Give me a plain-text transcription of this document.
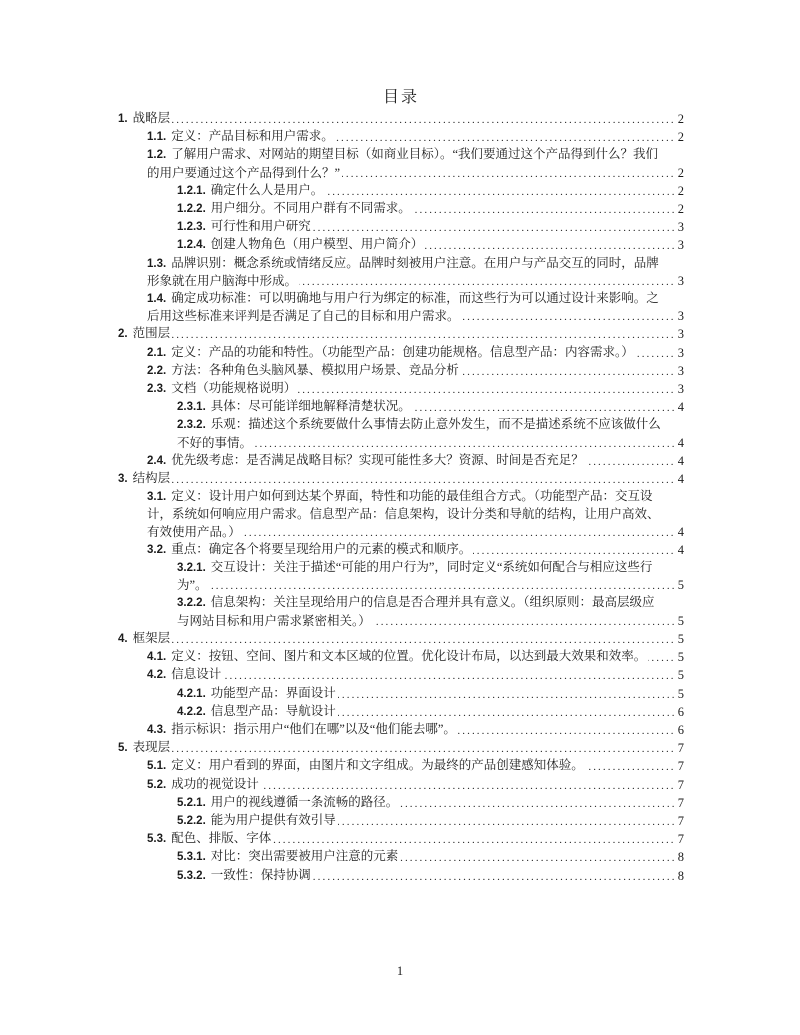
目录
.....
2
1. 战略层
.....
2
1.1. 定义：产品目标和用户需求。
.....
2
1.2. 了解用户需求、对网站的期望目标（如商业目标）。“我们要通过这个产品得到什么？我们的用户要通过这个产品得到什么？”
.....
2
1.2.1. 确定什么人是用户。
.....
2
1.2.2. 用户细分。不同用户群有不同需求。
.....
3
1.2.3. 可行性和用户研究
.....
3
1.2.4. 创建人物角色（用户模型、用户简介）
.....
3
1.3. 品牌识别：概念系统或情绪反应。品牌时刻被用户注意。在用户与产品交互的同时，品牌形象就在用户脑海中形成。
.....
3
1.4. 确定成功标准：可以明确地与用户行为绑定的标准，而这些行为可以通过设计来影响。之后用这些标准来评判是否满足了自己的目标和用户需求。
.....
3
2. 范围层
.....
3
2.1. 定义：产品的功能和特性。（功能型产品：创建功能规格。信息型产品：内容需求。）
.....
3
2.2. 方法：各种角色头脑风暴、模拟用户场景、竞品分析
.....
3
2.3. 文档（功能规格说明）
.....
4
2.3.1. 具体：尽可能详细地解释清楚状况。
.....
4
2.3.2. 乐观：描述这个系统要做什么事情去防止意外发生，而不是描述系统不应该做什么不好的事情。
.....
4
2.4. 优先级考虑：是否满足战略目标？实现可能性多大？资源、时间是否充足？
.....
4
3. 结构层
.....
4
3.1. 定义：设计用户如何到达某个界面，特性和功能的最佳组合方式。（功能型产品：交互设计，系统如何响应用户需求。信息型产品：信息架构，设计分类和导航的结构，让用户高效、有效使用产品。）
.....
4
3.2. 重点：确定各个将要呈现给用户的元素的模式和顺序。
.....
5
3.2.1. 交互设计：关注于描述“可能的用户行为”，同时定义“系统如何配合与相应这些行为”。
.....
5
3.2.2. 信息架构：关注呈现给用户的信息是否合理并具有意义。（组织原则：最高层级应与网站目标和用户需求紧密相关。）
.....
5
4. 框架层
.....
5
4.1. 定义：按钮、空间、图片和文本区域的位置。优化设计布局，以达到最大效果和效率。
.....
5
4.2. 信息设计
.....
5
4.2.1. 功能型产品：界面设计
.....
6
4.2.2. 信息型产品：导航设计
.....
6
4.3. 指示标识：指示用户“他们在哪”以及“他们能去哪”。
.....
7
5. 表现层
.....
7
5.1. 定义：用户看到的界面，由图片和文字组成。为最终的产品创建感知体验。
.....
7
5.2. 成功的视觉设计
.....
7
5.2.1. 用户的视线遵循一条流畅的路径。
.....
7
5.2.2. 能为用户提供有效引导
.....
7
5.3. 配色、排版、字体
.....
8
5.3.1. 对比：突出需要被用户注意的元素
.....
8
5.3.2. 一致性：保持协调
1
